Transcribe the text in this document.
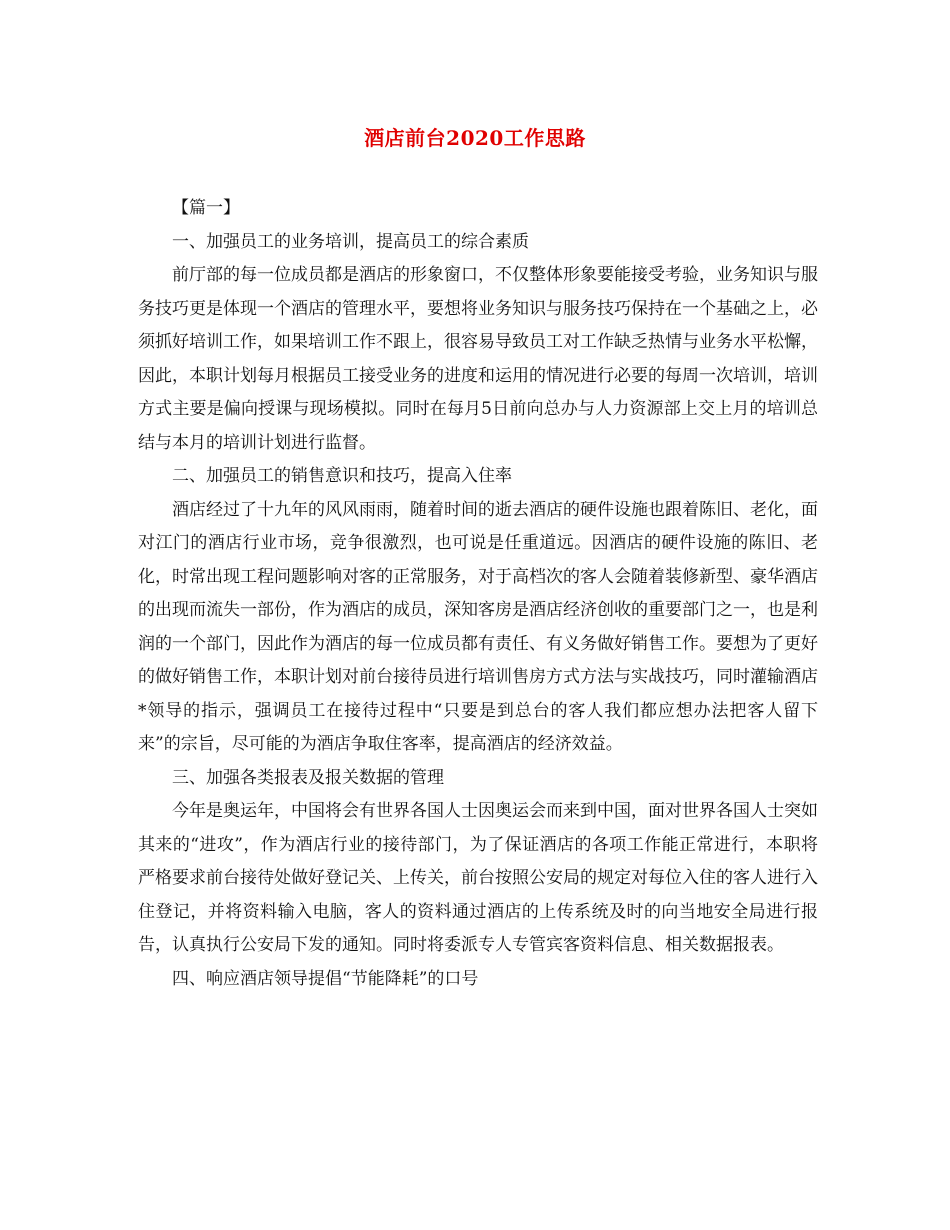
酒店前台2020工作思路

【篇一】

一、加强员工的业务培训，提高员工的综合素质

前厅部的每一位成员都是酒店的形象窗口，不仅整体形象要能接受考验，业务知识与服务技巧更是体现一个酒店的管理水平，要想将业务知识与服务技巧保持在一个基础之上，必须抓好培训工作，如果培训工作不跟上，很容易导致员工对工作缺乏热情与业务水平松懈，因此，本职计划每月根据员工接受业务的进度和运用的情况进行必要的每周一次培训，培训方式主要是偏向授课与现场模拟。同时在每月5日前向总办与人力资源部上交上月的培训总结与本月的培训计划进行监督。

二、加强员工的销售意识和技巧，提高入住率

酒店经过了十九年的风风雨雨，随着时间的逝去酒店的硬件设施也跟着陈旧、老化，面对江门的酒店行业市场，竞争很激烈，也可说是任重道远。因酒店的硬件设施的陈旧、老化，时常出现工程问题影响对客的正常服务，对于高档次的客人会随着装修新型、豪华酒店的出现而流失一部份，作为酒店的成员，深知客房是酒店经济创收的重要部门之一，也是利润的一个部门，因此作为酒店的每一位成员都有责任、有义务做好销售工作。要想为了更好的做好销售工作，本职计划对前台接待员进行培训售房方式方法与实战技巧，同时灌输酒店*领导的指示，强调员工在接待过程中“只要是到总台的客人我们都应想办法把客人留下来”的宗旨，尽可能的为酒店争取住客率，提高酒店的经济效益。

三、加强各类报表及报关数据的管理

今年是奥运年，中国将会有世界各国人士因奥运会而来到中国，面对世界各国人士突如其来的“进攻”，作为酒店行业的接待部门，为了保证酒店的各项工作能正常进行，本职将严格要求前台接待处做好登记关、上传关，前台按照公安局的规定对每位入住的客人进行入住登记，并将资料输入电脑，客人的资料通过酒店的上传系统及时的向当地安全局进行报告，认真执行公安局下发的通知。同时将委派专人专管宾客资料信息、相关数据报表。

四、响应酒店领导提倡“节能降耗”的口号
